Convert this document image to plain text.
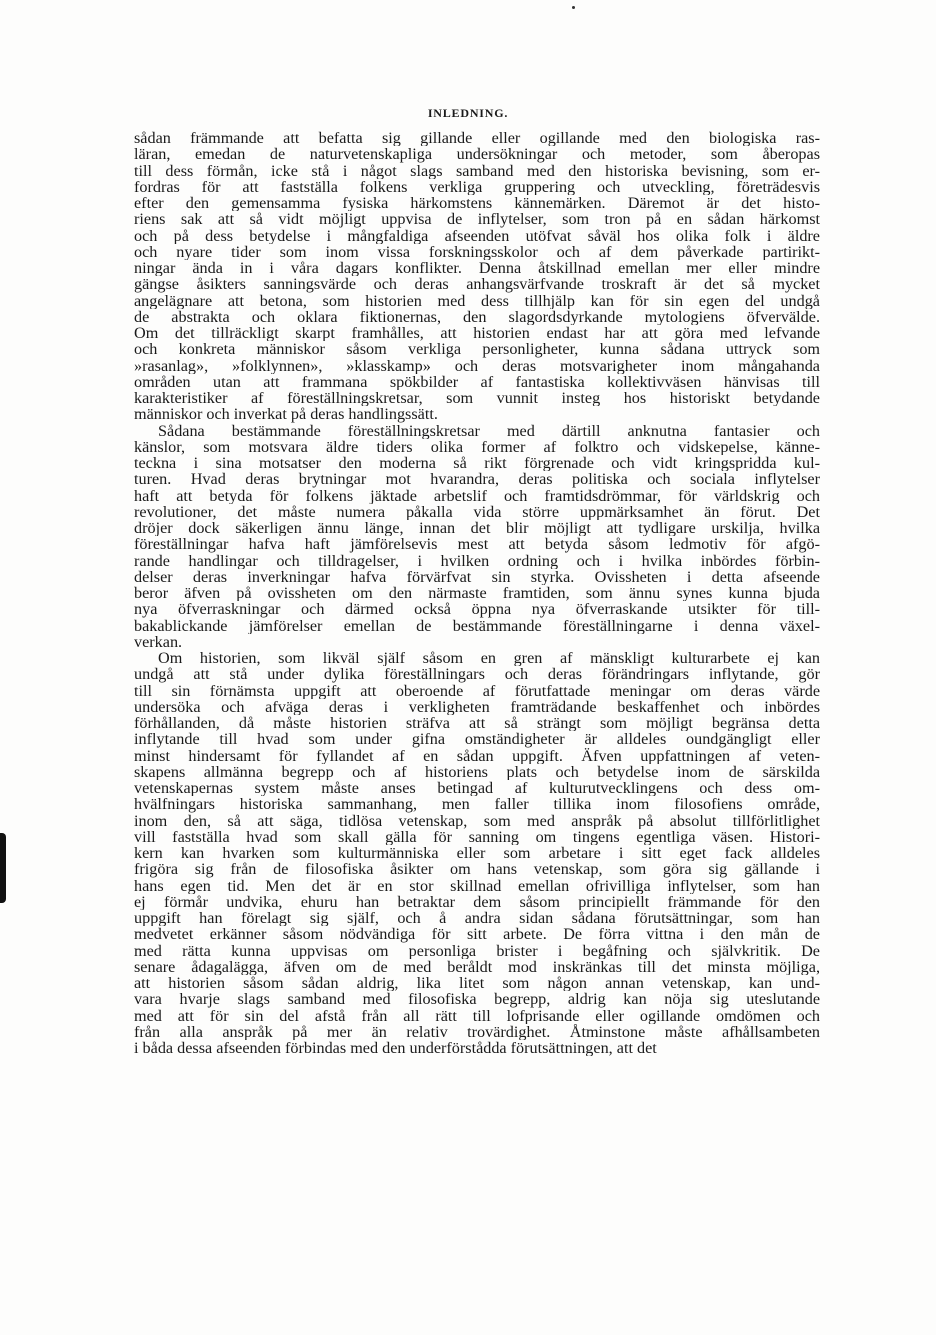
INLEDNING.
sådan främmande att befatta sig gillande eller ogillande med den biologiska ras-
läran, emedan de naturvetenskapliga undersökningar och metoder, som åberopas
till dess förmån, icke stå i något slags samband med den historiska bevisning, som er-
fordras för att fastställa folkens verkliga gruppering och utveckling, företrädesvis
efter den gemensamma fysiska härkomstens kännemärken. Däremot är det histo-
riens sak att så vidt möjligt uppvisa de inflytelser, som tron på en sådan härkomst
och på dess betydelse i mångfaldiga afseenden utöfvat såväl hos olika folk i äldre
och nyare tider som inom vissa forskningsskolor och af dem påverkade partirikt-
ningar ända in i våra dagars konflikter. Denna åtskillnad emellan mer eller mindre
gängse åsikters sanningsvärde och deras anhangsvärfvande troskraft är det så mycket
angelägnare att betona, som historien med dess tillhjälp kan för sin egen del undgå
de abstrakta och oklara fiktionernas, den slagordsdyrkande mytologiens öfvervälde.
Om det tillräckligt skarpt framhålles, att historien endast har att göra med lefvande
och konkreta människor såsom verkliga personligheter, kunna sådana uttryck som
»rasanlag», »folklynnen», »klasskamp» och deras motsvarigheter inom mångahanda
områden utan att frammana spökbilder af fantastiska kollektivväsen hänvisas till
karakteristiker af föreställningskretsar, som vunnit insteg hos historiskt betydande
människor och inverkat på deras handlingssätt.
Sådana bestämmande föreställningskretsar med därtill anknutna fantasier och
känslor, som motsvara äldre tiders olika former af folktro och vidskepelse, känne-
teckna i sina motsatser den moderna så rikt förgrenade och vidt kringspridda kul-
turen. Hvad deras brytningar mot hvarandra, deras politiska och sociala inflytelser
haft att betyda för folkens jäktade arbetslif och framtidsdrömmar, för världskrig och
revolutioner, det måste numera påkalla vida större uppmärksamhet än förut. Det
dröjer dock säkerligen ännu länge, innan det blir möjligt att tydligare urskilja, hvilka
föreställningar hafva haft jämförelsevis mest att betyda såsom ledmotiv för afgö-
rande handlingar och tilldragelser, i hvilken ordning och i hvilka inbördes förbin-
delser deras inverkningar hafva förvärfvat sin styrka. Ovissheten i detta afseende
beror äfven på ovissheten om den närmaste framtiden, som ännu synes kunna bjuda
nya öfverraskningar och därmed också öppna nya öfverraskande utsikter för till-
bakablickande jämförelser emellan de bestämmande föreställningarne i denna växel-
verkan.
Om historien, som likväl själf såsom en gren af mänskligt kulturarbete ej kan
undgå att stå under dylika föreställningars och deras förändringars inflytande, gör
till sin förnämsta uppgift att oberoende af förutfattade meningar om deras värde
undersöka och afväga deras i verkligheten framträdande beskaffenhet och inbördes
förhållanden, då måste historien sträfva att så strängt som möjligt begränsa detta
inflytande till hvad som under gifna omständigheter är alldeles oundgängligt eller
minst hindersamt för fyllandet af en sådan uppgift. Äfven uppfattningen af veten-
skapens allmänna begrepp och af historiens plats och betydelse inom de särskilda
vetenskapernas system måste anses betingad af kulturutvecklingens och dess om-
hvälfningars historiska sammanhang, men faller tillika inom filosofiens område,
inom den, så att säga, tidlösa vetenskap, som med anspråk på absolut tillförlitlighet
vill fastställa hvad som skall gälla för sanning om tingens egentliga väsen. Histori-
kern kan hvarken som kulturmänniska eller som arbetare i sitt eget fack alldeles
frigöra sig från de filosofiska åsikter om hans vetenskap, som göra sig gällande i
hans egen tid. Men det är en stor skillnad emellan ofrivilliga inflytelser, som han
ej förmår undvika, ehuru han betraktar dem såsom principiellt främmande för den
uppgift han förelagt sig själf, och å andra sidan sådana förutsättningar, som han
medvetet erkänner såsom nödvändiga för sitt arbete. De förra vittna i den mån de
med rätta kunna uppvisas om personliga brister i begåfning och självkritik. De
senare ådagalägga, äfven om de med beråldt mod inskränkas till det minsta möjliga,
att historien såsom sådan aldrig, lika litet som någon annan vetenskap, kan und-
vara hvarje slags samband med filosofiska begrepp, aldrig kan nöja sig uteslutande
med att för sin del afstå från all rätt till lofprisande eller ogillande omdömen och
från alla anspråk på mer än relativ trovärdighet. Åtminstone måste afhållsambeten
i båda dessa afseenden förbindas med den underförstådda förutsättningen, att det
